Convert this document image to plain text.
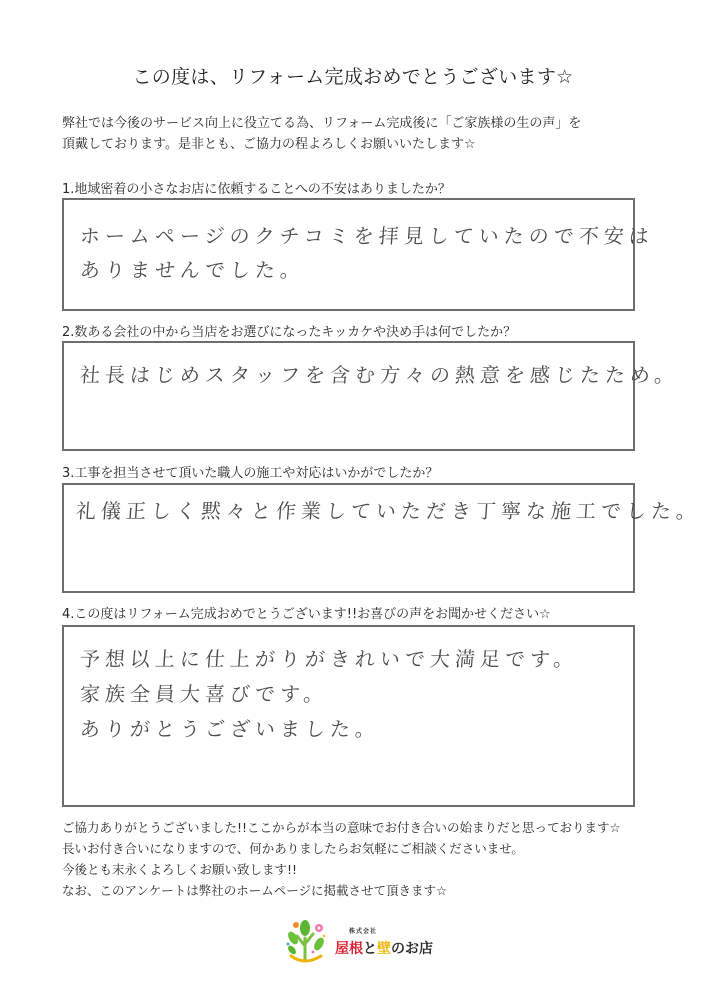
この度は、リフォーム完成おめでとうございます☆
弊社では今後のサービス向上に役立てる為、リフォーム完成後に「ご家族様の生の声」を
頂戴しております。是非とも、ご協力の程よろしくお願いいたします☆
1.地域密着の小さなお店に依頼することへの不安はありましたか？
ホームページのクチコミを拝見していたので不安は
ありませんでした。
2.数ある会社の中から当店をお選びになったキッカケや決め手は何でしたか？
社長はじめスタッフを含む方々の熱意を感じたため。
3.工事を担当させて頂いた職人の施工や対応はいかがでしたか？
礼儀正しく黙々と作業していただき丁寧な施工でした。
4.この度はリフォーム完成おめでとうございます!!お喜びの声をお聞かせください☆
予想以上に仕上がりがきれいで大満足です。
家族全員大喜びです。
ありがとうございました。
ご協力ありがとうございました!!ここからが本当の意味でお付き合いの始まりだと思っております☆
長いお付き合いになりますので、何かありましたらお気軽にご相談くださいませ。
今後とも末永くよろしくお願い致します!!
なお、このアンケートは弊社のホームページに掲載させて頂きます☆
株式会社
屋根と壁のお店
